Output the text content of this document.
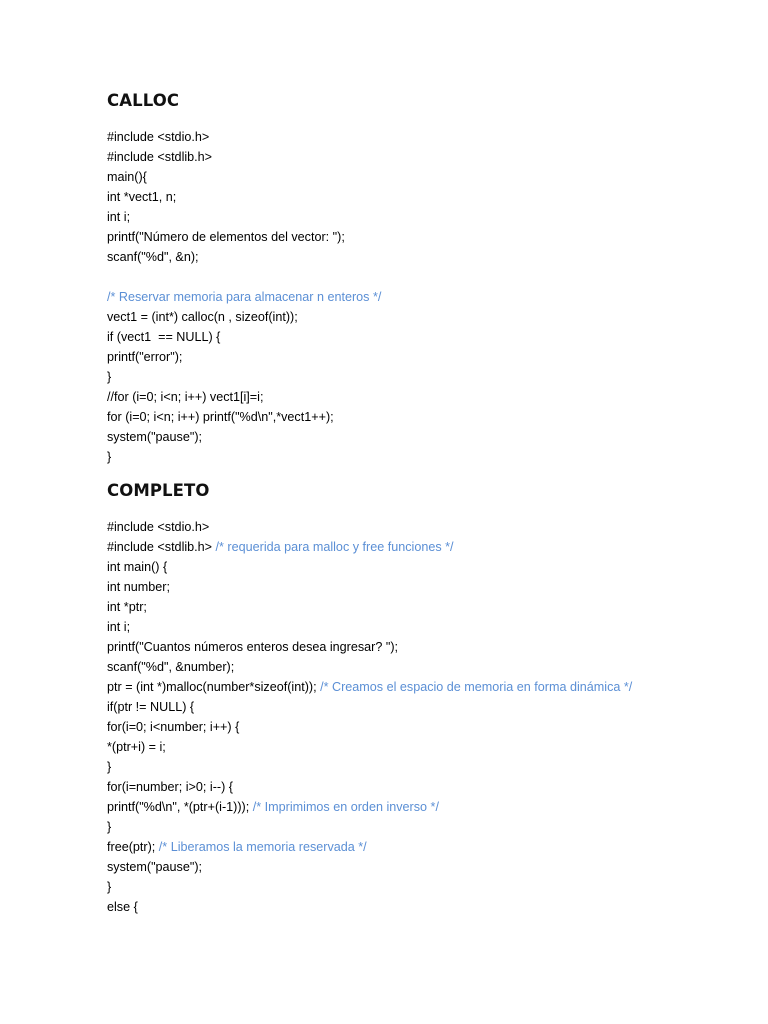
CALLOC
#include <stdio.h>
#include <stdlib.h>
main(){
int *vect1, n;
int i;
printf("Número de elementos del vector: ");
scanf("%d", &n);
/* Reservar memoria para almacenar n enteros */
vect1 = (int*) calloc(n , sizeof(int));
if (vect1  == NULL) {
printf("error");
}
//for (i=0; i<n; i++) vect1[i]=i;
for (i=0; i<n; i++) printf("%d\n",*vect1++);
system("pause");
}
COMPLETO
#include <stdio.h>
#include <stdlib.h> /* requerida para malloc y free funciones */
int main() {
int number;
int *ptr;
int i;
printf("Cuantos números enteros desea ingresar? ");
scanf("%d", &number);
ptr = (int *)malloc(number*sizeof(int)); /* Creamos el espacio de memoria en forma dinámica */
if(ptr != NULL) {
for(i=0; i<number; i++) {
*(ptr+i) = i;
}
for(i=number; i>0; i--) {
printf("%d\n", *(ptr+(i-1))); /* Imprimimos en orden inverso */
}
free(ptr); /* Liberamos la memoria reservada */
system("pause");
}
else {
